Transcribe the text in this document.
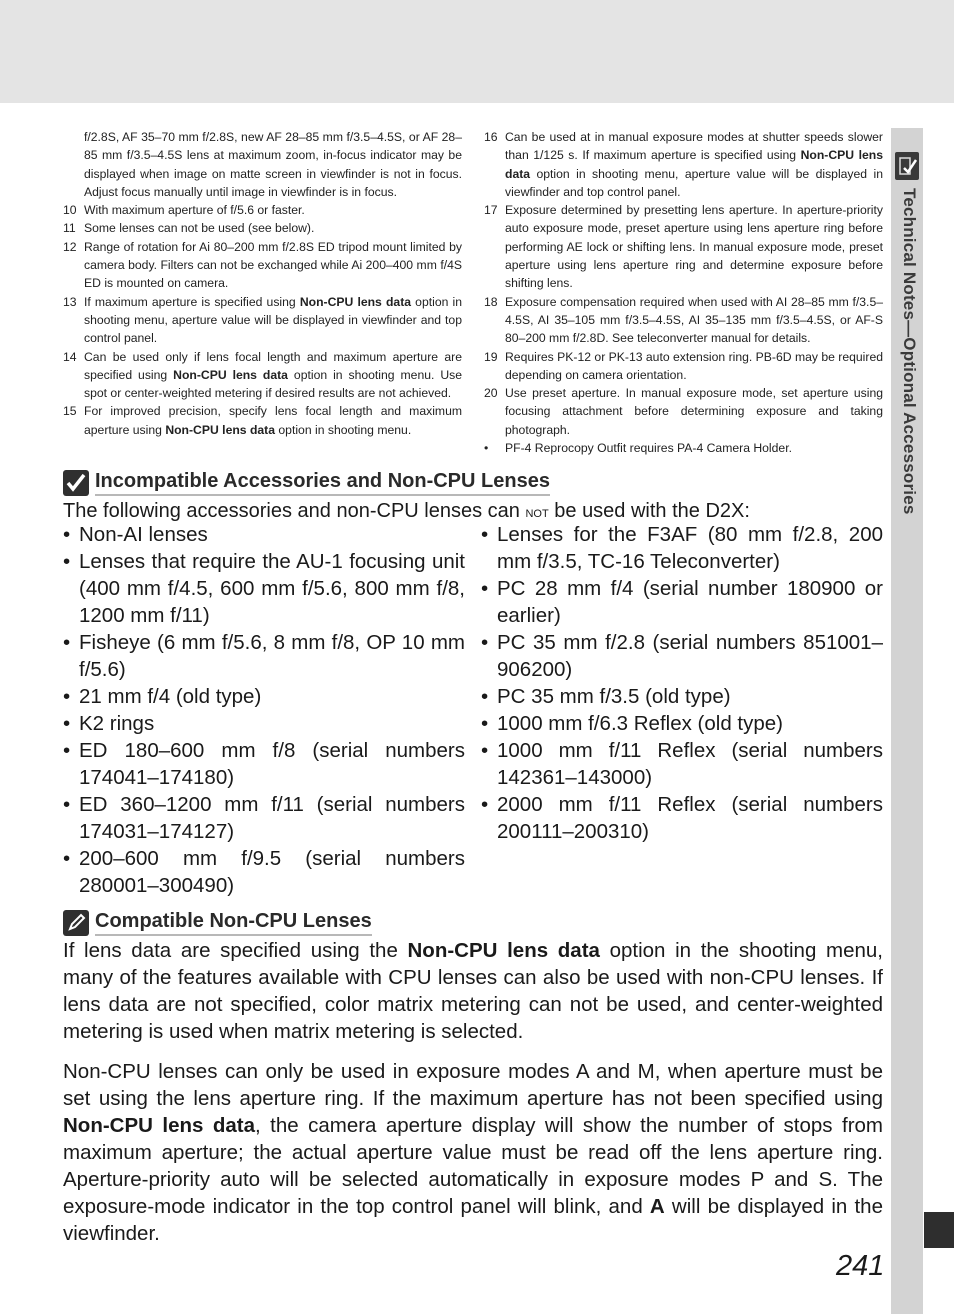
Technical Notes—Optional Accessories
f/2.8S, AF 35–70 mm f/2.8S, new AF 28–85 mm f/3.5–4.5S, or AF 28–85 mm f/3.5–4.5S lens at maximum zoom, in-focus indicator may be displayed when image on matte screen in viewfinder is not in focus. Adjust focus manually until image in viewfinder is in focus.
10 With maximum aperture of f/5.6 or faster.
11 Some lenses can not be used (see below).
12 Range of rotation for Ai 80–200 mm f/2.8S ED tripod mount limited by camera body. Filters can not be exchanged while Ai 200–400 mm f/4S ED is mounted on camera.
13 If maximum aperture is specified using Non-CPU lens data option in shooting menu, aperture value will be displayed in viewfinder and top control panel.
14 Can be used only if lens focal length and maximum aperture are specified using Non-CPU lens data option in shooting menu. Use spot or center-weighted metering if desired results are not achieved.
15 For improved precision, specify lens focal length and maximum aperture using Non-CPU lens data option in shooting menu.
16 Can be used at in manual exposure modes at shutter speeds slower than 1/125 s. If maximum aperture is specified using Non-CPU lens data option in shooting menu, aperture value will be displayed in viewfinder and top control panel.
17 Exposure determined by presetting lens aperture. In aperture-priority auto exposure mode, preset aperture using lens aperture ring before performing AE lock or shifting lens. In manual exposure mode, preset aperture using lens aperture ring and determine exposure before shifting lens.
18 Exposure compensation required when used with AI 28–85 mm f/3.5–4.5S, AI 35–105 mm f/3.5–4.5S, AI 35–135 mm f/3.5–4.5S, or AF-S 80–200 mm f/2.8D. See teleconverter manual for details.
19 Requires PK-12 or PK-13 auto extension ring. PB-6D may be required depending on camera orientation.
20 Use preset aperture. In manual exposure mode, set aperture using focusing attachment before determining exposure and taking photograph.
• PF-4 Reprocopy Outfit requires PA-4 Camera Holder.
Incompatible Accessories and Non-CPU Lenses
The following accessories and non-CPU lenses can not be used with the D2X:
• Non-AI lenses
• Lenses that require the AU-1 focusing unit (400 mm f/4.5, 600 mm f/5.6, 800 mm f/8, 1200 mm f/11)
• Fisheye (6 mm f/5.6, 8 mm f/8, OP 10 mm f/5.6)
• 21 mm f/4 (old type)
• K2 rings
• ED 180–600 mm f/8 (serial numbers 174041–174180)
• ED 360–1200 mm f/11 (serial numbers 174031–174127)
• 200–600 mm f/9.5 (serial numbers 280001–300490)
• Lenses for the F3AF (80 mm f/2.8, 200 mm f/3.5, TC-16 Teleconverter)
• PC 28 mm f/4 (serial number 180900 or earlier)
• PC 35 mm f/2.8 (serial numbers 851001–906200)
• PC 35 mm f/3.5 (old type)
• 1000 mm f/6.3 Reflex (old type)
• 1000 mm f/11 Reflex (serial numbers 142361–143000)
• 2000 mm f/11 Reflex (serial numbers 200111–200310)
Compatible Non-CPU Lenses
If lens data are specified using the Non-CPU lens data option in the shooting menu, many of the features available with CPU lenses can also be used with non-CPU lenses. If lens data are not specified, color matrix metering can not be used, and center-weighted metering is used when matrix metering is selected.
Non-CPU lenses can only be used in exposure modes A and M, when aperture must be set using the lens aperture ring. If the maximum aperture has not been specified using Non-CPU lens data, the camera aperture display will show the number of stops from maximum aperture; the actual aperture value must be read off the lens aperture ring. Aperture-priority auto will be selected automatically in exposure modes P and S. The exposure-mode indicator in the top control panel will blink, and A will be displayed in the viewfinder.
241
